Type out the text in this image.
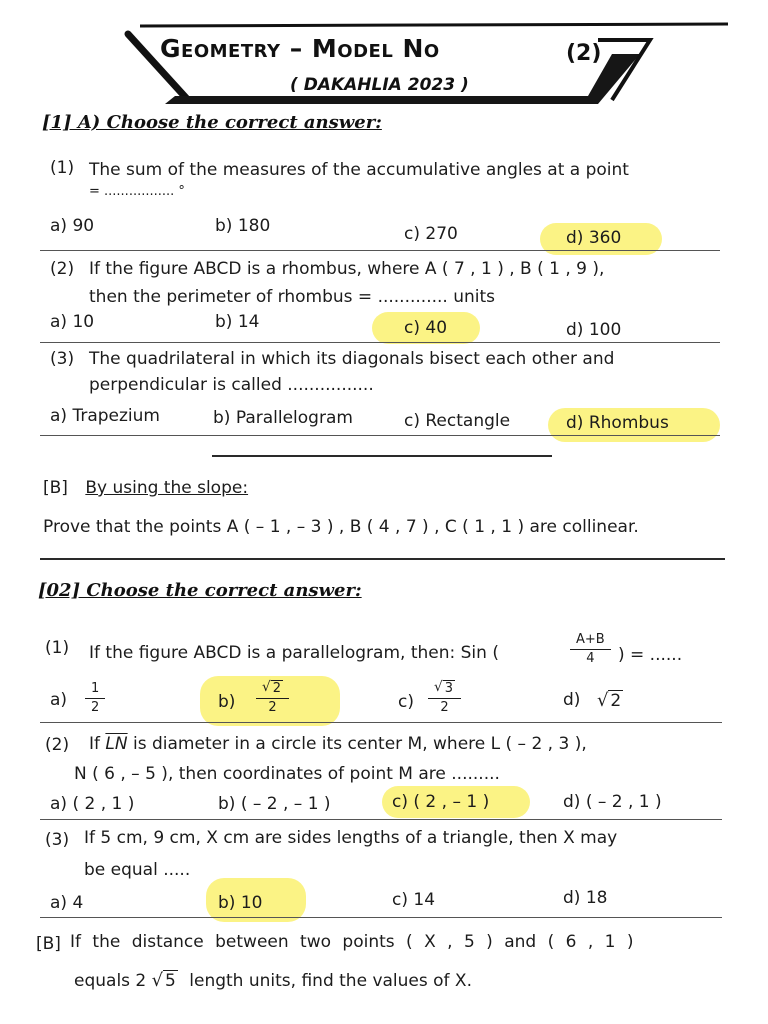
Geometry – Model No	(2)
( DAKAHLIA 2023 )
[1] A) Choose the correct answer:
(1) The sum of the measures of the accumulative angles at a point
= ................. °
a) 90	b) 180	c) 270	d) 360
(2) If the figure ABCD is a rhombus, where A ( 7 , 1 ) , B ( 1 , 9 ),
then the perimeter of rhombus = ............. units
a) 10	b) 14	c) 40	d) 100
(3) The quadrilateral in which its diagonals bisect each other and
perpendicular is called ................
a) Trapezium	b) Parallelogram	c) Rectangle	d) Rhombus
[B] By using the slope:
Prove that the points A ( – 1 , – 3 ) , B ( 4 , 7 ) , C ( 1 , 1 ) are collinear.
[02] Choose the correct answer:
(1) If the figure ABCD is a parallelogram, then: Sin (	$\frac{A+B}{4}$ ) = ......
$a) \frac{1}{2}$	$b) \frac{√ 2}{2}$	$c) \frac{√ 3}{2}$	d) √ 2
(2) If $\overline{LN}$ is diameter in a circle its center M, where L ( – 2 , 3 ),
N ( 6 , – 5 ), then coordinates of point M are .........
a) ( 2 , 1 )	b) ( – 2 , – 1 )	c) ( 2 , – 1 )	d) ( – 2 , 1 )
(3) If 5 cm, 9 cm, X cm are sides lengths of a triangle, then X may
be equal .....
a) 4	b) 10	c) 14	d) 18
[B] If the distance between two points ( X , 5 ) and ( 6 , 1 )
equals 2 √ 5 length units, find the values of X.
